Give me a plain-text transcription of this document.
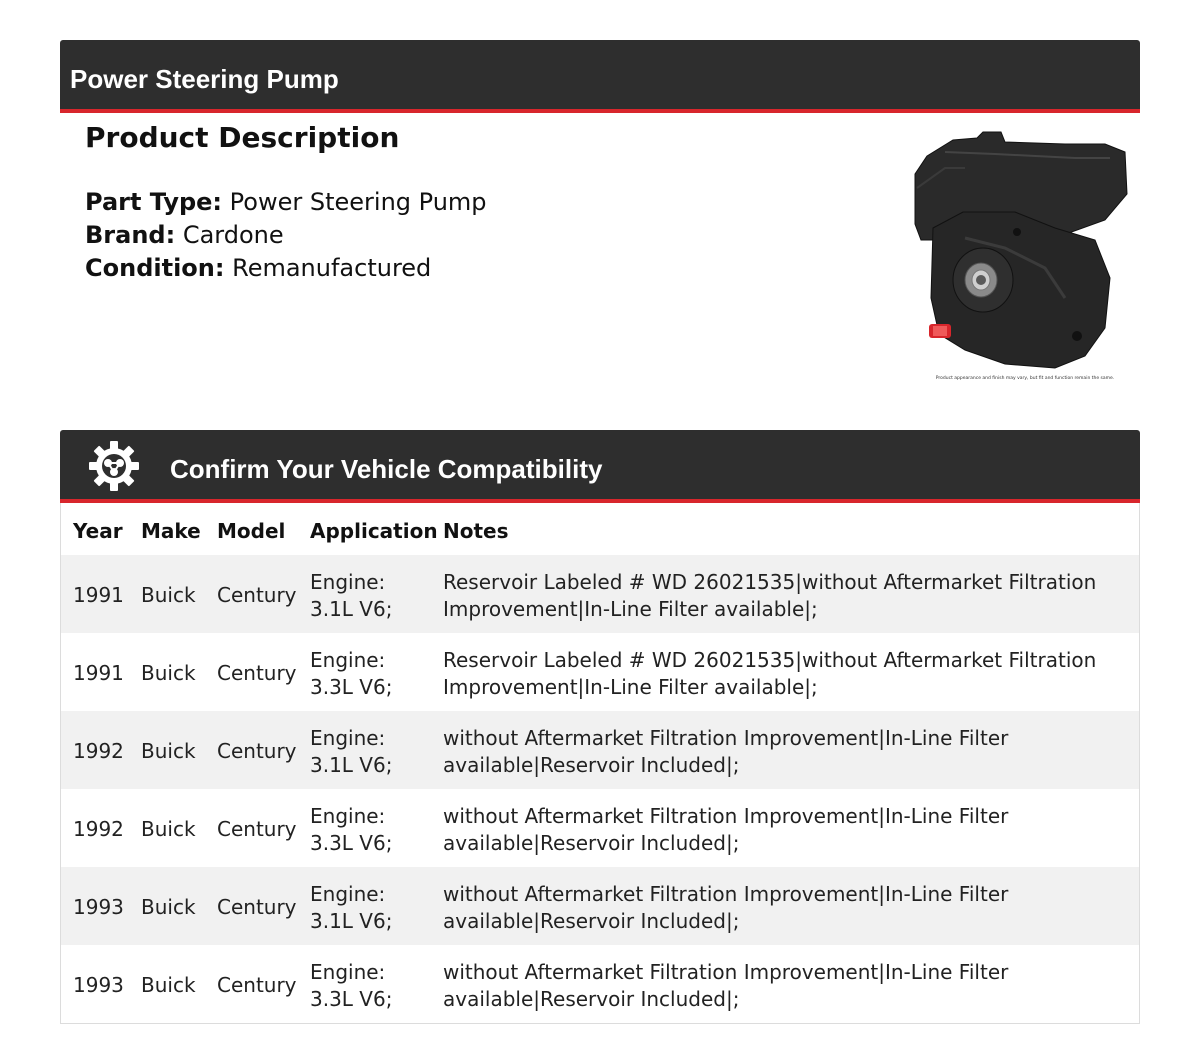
Power Steering Pump
Product Description
Part Type: Power Steering Pump
Brand: Cardone
Condition: Remanufactured
Product appearance and finish may vary, but fit and function remain the same.
Confirm Your Vehicle Compatibility
Year Make Model Application Notes
1991 Buick Century
Engine: 3.1L V6;
Reservoir Labeled # WD 26021535|without Aftermarket Filtration Improvement|In-Line Filter available|;
1991 Buick Century
Engine: 3.3L V6;
Reservoir Labeled # WD 26021535|without Aftermarket Filtration Improvement|In-Line Filter available|;
1992 Buick Century
Engine: 3.1L V6;
without Aftermarket Filtration Improvement|In-Line Filter available|Reservoir Included|;
1992 Buick Century
Engine: 3.3L V6;
without Aftermarket Filtration Improvement|In-Line Filter available|Reservoir Included|;
1993 Buick Century
Engine: 3.1L V6;
without Aftermarket Filtration Improvement|In-Line Filter available|Reservoir Included|;
1993 Buick Century
Engine: 3.3L V6;
without Aftermarket Filtration Improvement|In-Line Filter available|Reservoir Included|;
